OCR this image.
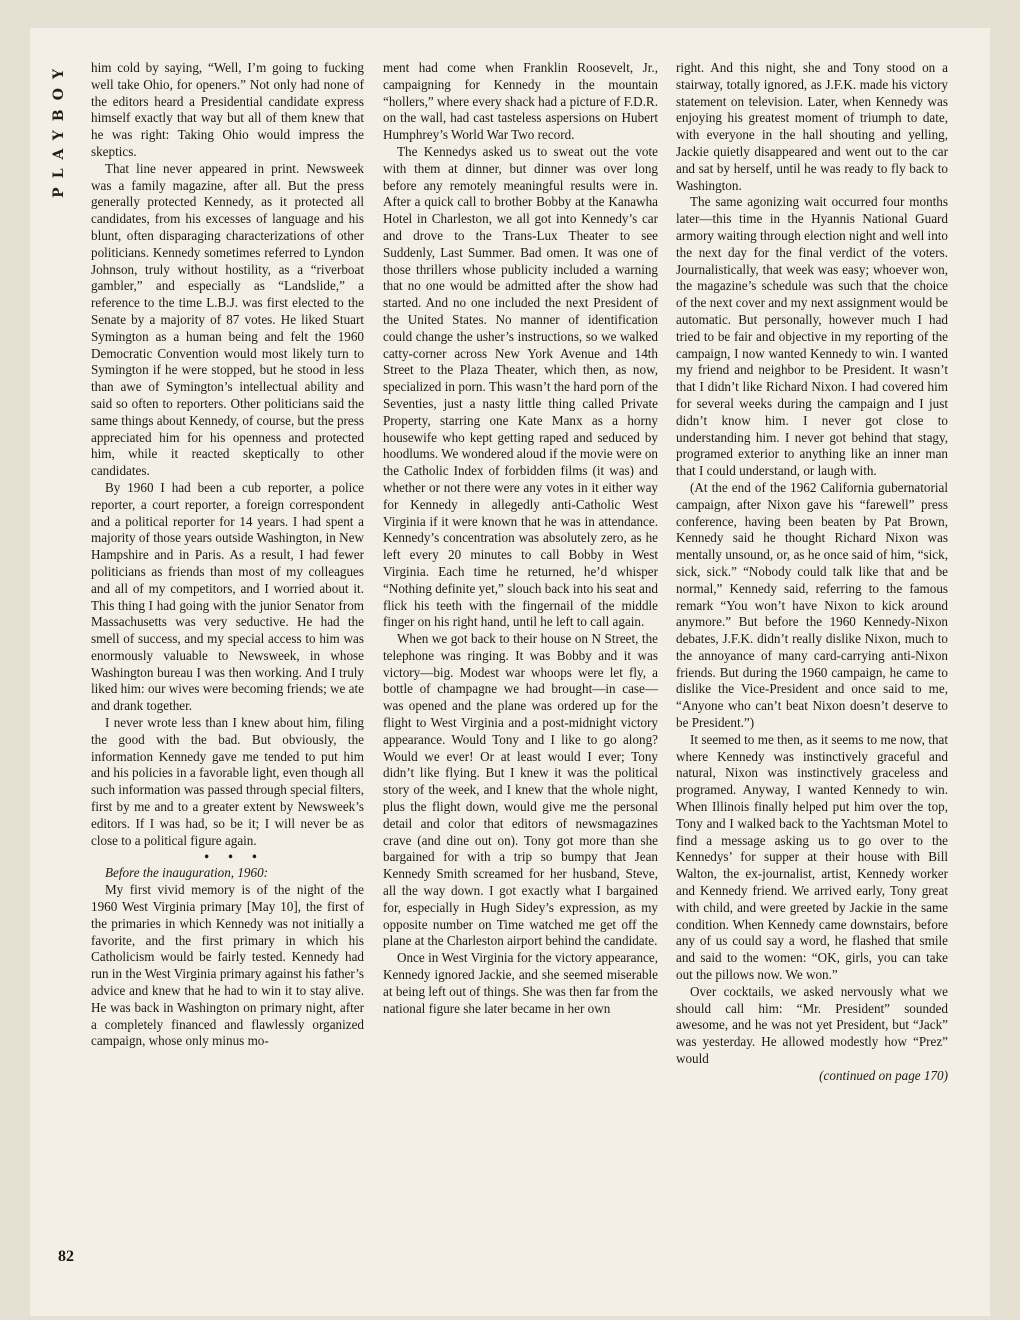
PLAYBOY
82

him cold by saying, “Well, I’m going to fucking well take Ohio, for openers.” Not only had none of the editors heard a Presidential candidate express himself exactly that way but all of them knew that he was right: Taking Ohio would impress the skeptics.

That line never appeared in print. Newsweek was a family magazine, after all. But the press generally protected Kennedy, as it protected all candidates, from his excesses of language and his blunt, often disparaging characterizations of other politicians. Kennedy sometimes referred to Lyndon Johnson, truly without hostility, as a “riverboat gambler,” and especially as “Landslide,” a reference to the time L.B.J. was first elected to the Senate by a majority of 87 votes. He liked Stuart Symington as a human being and felt the 1960 Democratic Convention would most likely turn to Symington if he were stopped, but he stood in less than awe of Symington’s intellectual ability and said so often to reporters. Other politicians said the same things about Kennedy, of course, but the press appreciated him for his openness and protected him, while it reacted skeptically to other candidates.

By 1960 I had been a cub reporter, a police reporter, a court reporter, a foreign correspondent and a political reporter for 14 years. I had spent a majority of those years outside Washington, in New Hampshire and in Paris. As a result, I had fewer politicians as friends than most of my colleagues and all of my competitors, and I worried about it. This thing I had going with the junior Senator from Massachusetts was very seductive. He had the smell of success, and my special access to him was enormously valuable to Newsweek, in whose Washington bureau I was then working. And I truly liked him: our wives were becoming friends; we ate and drank together.

I never wrote less than I knew about him, filing the good with the bad. But obviously, the information Kennedy gave me tended to put him and his policies in a favorable light, even though all such information was passed through special filters, first by me and to a greater extent by Newsweek’s editors. If I was had, so be it; I will never be as close to a political figure again.

• • •

Before the inauguration, 1960:

My first vivid memory is of the night of the 1960 West Virginia primary [May 10], the first of the primaries in which Kennedy was not initially a favorite, and the first primary in which his Catholicism would be fairly tested. Kennedy had run in the West Virginia primary against his father’s advice and knew that he had to win it to stay alive. He was back in Washington on primary night, after a completely financed and flawlessly organized campaign, whose only minus mo-

ment had come when Franklin Roosevelt, Jr., campaigning for Kennedy in the mountain “hollers,” where every shack had a picture of F.D.R. on the wall, had cast tasteless aspersions on Hubert Humphrey’s World War Two record.

The Kennedys asked us to sweat out the vote with them at dinner, but dinner was over long before any remotely meaningful results were in. After a quick call to brother Bobby at the Kanawha Hotel in Charleston, we all got into Kennedy’s car and drove to the Trans-Lux Theater to see Suddenly, Last Summer. Bad omen. It was one of those thrillers whose publicity included a warning that no one would be admitted after the show had started. And no one included the next President of the United States. No manner of identification could change the usher’s instructions, so we walked catty-corner across New York Avenue and 14th Street to the Plaza Theater, which then, as now, specialized in porn. This wasn’t the hard porn of the Seventies, just a nasty little thing called Private Property, starring one Kate Manx as a horny housewife who kept getting raped and seduced by hoodlums. We wondered aloud if the movie were on the Catholic Index of forbidden films (it was) and whether or not there were any votes in it either way for Kennedy in allegedly anti-Catholic West Virginia if it were known that he was in attendance. Kennedy’s concentration was absolutely zero, as he left every 20 minutes to call Bobby in West Virginia. Each time he returned, he’d whisper “Nothing definite yet,” slouch back into his seat and flick his teeth with the fingernail of the middle finger on his right hand, until he left to call again.

When we got back to their house on N Street, the telephone was ringing. It was Bobby and it was victory—big. Modest war whoops were let fly, a bottle of champagne we had brought—in case—was opened and the plane was ordered up for the flight to West Virginia and a post-midnight victory appearance. Would Tony and I like to go along? Would we ever! Or at least would I ever; Tony didn’t like flying. But I knew it was the political story of the week, and I knew that the whole night, plus the flight down, would give me the personal detail and color that editors of newsmagazines crave (and dine out on). Tony got more than she bargained for with a trip so bumpy that Jean Kennedy Smith screamed for her husband, Steve, all the way down. I got exactly what I bargained for, especially in Hugh Sidey’s expression, as my opposite number on Time watched me get off the plane at the Charleston airport behind the candidate.

Once in West Virginia for the victory appearance, Kennedy ignored Jackie, and she seemed miserable at being left out of things. She was then far from the national figure she later became in her own

right. And this night, she and Tony stood on a stairway, totally ignored, as J.F.K. made his victory statement on television. Later, when Kennedy was enjoying his greatest moment of triumph to date, with everyone in the hall shouting and yelling, Jackie quietly disappeared and went out to the car and sat by herself, until he was ready to fly back to Washington.

The same agonizing wait occurred four months later—this time in the Hyannis National Guard armory waiting through election night and well into the next day for the final verdict of the voters. Journalistically, that week was easy; whoever won, the magazine’s schedule was such that the choice of the next cover and my next assignment would be automatic. But personally, however much I had tried to be fair and objective in my reporting of the campaign, I now wanted Kennedy to win. I wanted my friend and neighbor to be President. It wasn’t that I didn’t like Richard Nixon. I had covered him for several weeks during the campaign and I just didn’t know him. I never got close to understanding him. I never got behind that stagy, programed exterior to anything like an inner man that I could understand, or laugh with.

(At the end of the 1962 California gubernatorial campaign, after Nixon gave his “farewell” press conference, having been beaten by Pat Brown, Kennedy said he thought Richard Nixon was mentally unsound, or, as he once said of him, “sick, sick, sick.” “Nobody could talk like that and be normal,” Kennedy said, referring to the famous remark “You won’t have Nixon to kick around anymore.” But before the 1960 Kennedy-Nixon debates, J.F.K. didn’t really dislike Nixon, much to the annoyance of many card-carrying anti-Nixon friends. But during the 1960 campaign, he came to dislike the Vice-President and once said to me, “Anyone who can’t beat Nixon doesn’t deserve to be President.”)

It seemed to me then, as it seems to me now, that where Kennedy was instinctively graceful and natural, Nixon was instinctively graceless and programed. Anyway, I wanted Kennedy to win. When Illinois finally helped put him over the top, Tony and I walked back to the Yachtsman Motel to find a message asking us to go over to the Kennedys’ for supper at their house with Bill Walton, the ex-journalist, artist, Kennedy worker and Kennedy friend. We arrived early, Tony great with child, and were greeted by Jackie in the same condition. When Kennedy came downstairs, before any of us could say a word, he flashed that smile and said to the women: “OK, girls, you can take out the pillows now. We won.”

Over cocktails, we asked nervously what we should call him: “Mr. President” sounded awesome, and he was not yet President, but “Jack” was yesterday. He allowed modestly how “Prez” would

(continued on page 170)
